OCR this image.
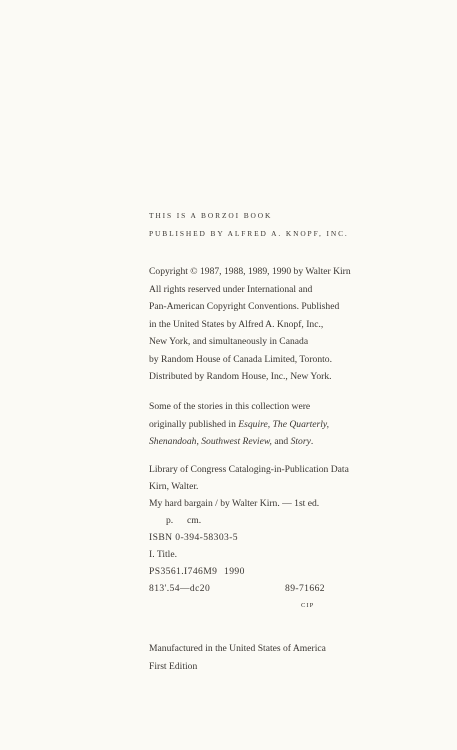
THIS IS A BORZOI BOOK
PUBLISHED BY ALFRED A. KNOPF, INC.
Copyright © 1987, 1988, 1989, 1990 by Walter Kirn
All rights reserved under International and
Pan-American Copyright Conventions. Published
in the United States by Alfred A. Knopf, Inc.,
New York, and simultaneously in Canada
by Random House of Canada Limited, Toronto.
Distributed by Random House, Inc., New York.
Some of the stories in this collection were
originally published in Esquire, The Quarterly,
Shenandoah, Southwest Review, and Story.
Library of Congress Cataloging-in-Publication Data
Kirn, Walter.
My hard bargain / by Walter Kirn. — 1st ed.
p. cm.
ISBN 0-394-58303-5
I. Title.
PS3561.I746M9 1990
813'.54—dc20	89-71662
CIP
Manufactured in the United States of America
First Edition
